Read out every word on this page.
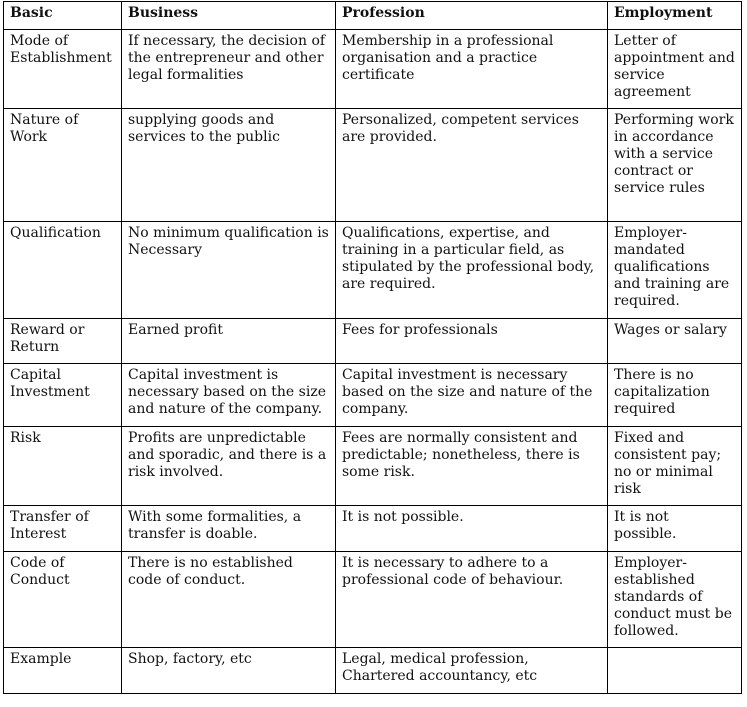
Basic	Business	Profession	Employment
Mode of Establishment	If necessary, the decision of the entrepreneur and other legal formalities	Membership in a professional organisation and a practice certificate	Letter of appointment and service agreement
Nature of Work	supplying goods and services to the public	Personalized, competent services are provided.	Performing work in accordance with a service contract or service rules
Qualification	No minimum qualification is Necessary	Qualifications, expertise, and training in a particular field, as stipulated by the professional body, are required.	Employer-mandated qualifications and training are required.
Reward or Return	Earned profit	Fees for professionals	Wages or salary
Capital Investment	Capital investment is necessary based on the size and nature of the company.	Capital investment is necessary based on the size and nature of the company.	There is no capitalization required
Risk	Profits are unpredictable and sporadic, and there is a risk involved.	Fees are normally consistent and predictable; nonetheless, there is some risk.	Fixed and consistent pay; no or minimal risk
Transfer of Interest	With some formalities, a transfer is doable.	It is not possible.	It is not possible.
Code of Conduct	There is no established code of conduct.	It is necessary to adhere to a professional code of behaviour.	Employer-established standards of conduct must be followed.
Example	Shop, factory, etc	Legal, medical profession, Chartered accountancy, etc	
